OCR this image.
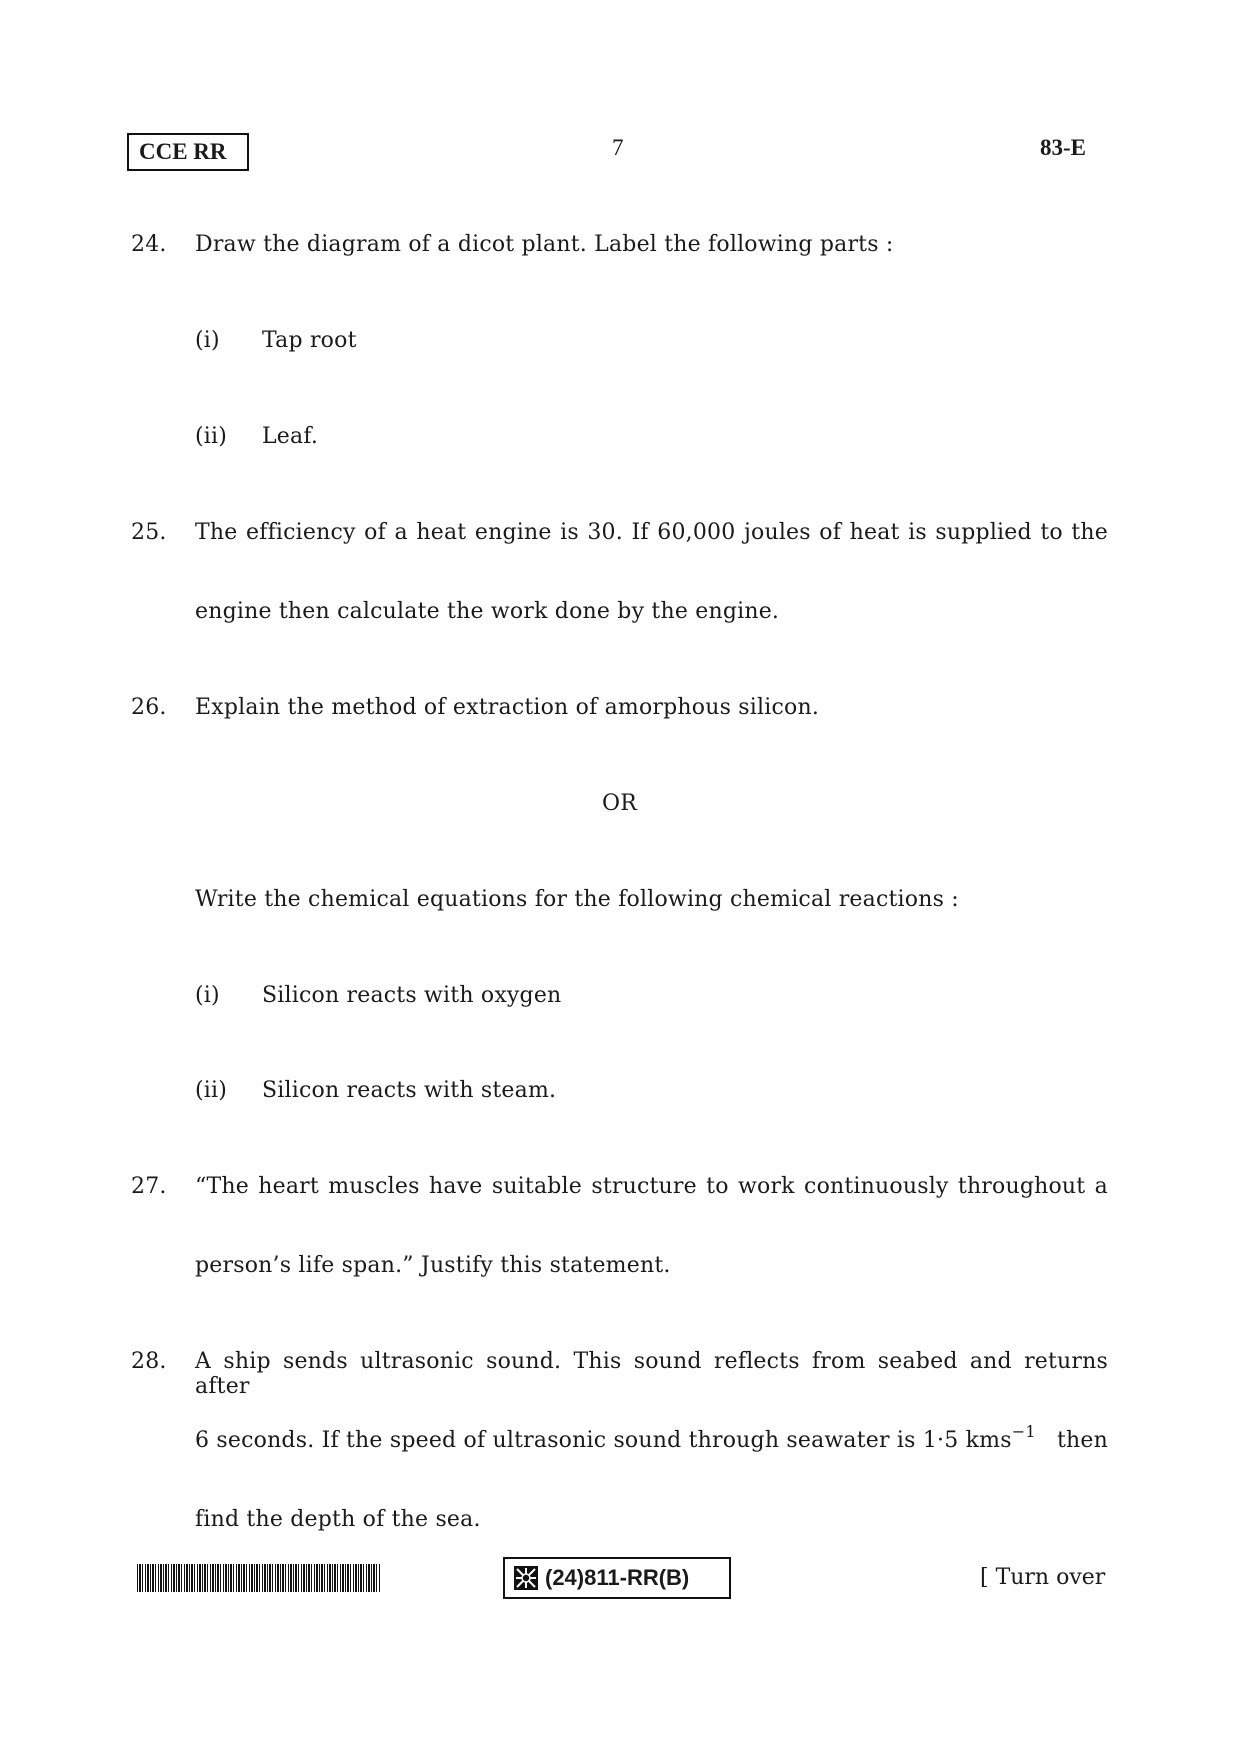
CCE RR	7	83-E
24. Draw the diagram of a dicot plant. Label the following parts :
(i) Tap root
(ii) Leaf.
25. The efficiency of a heat engine is 30. If 60,000 joules of heat is supplied to the
engine then calculate the work done by the engine.
26. Explain the method of extraction of amorphous silicon.
OR
Write the chemical equations for the following chemical reactions :
(i) Silicon reacts with oxygen
(ii) Silicon reacts with steam.
27. “The heart muscles have suitable structure to work continuously throughout a
person’s life span.” Justify this statement.
28. A ship sends ultrasonic sound. This sound reflects from seabed and returns after
6 seconds. If the speed of ultrasonic sound through seawater is 1·5 kms$^{-1}$ then
find the depth of the sea.
(24)811-RR(B)	[ Turn over
